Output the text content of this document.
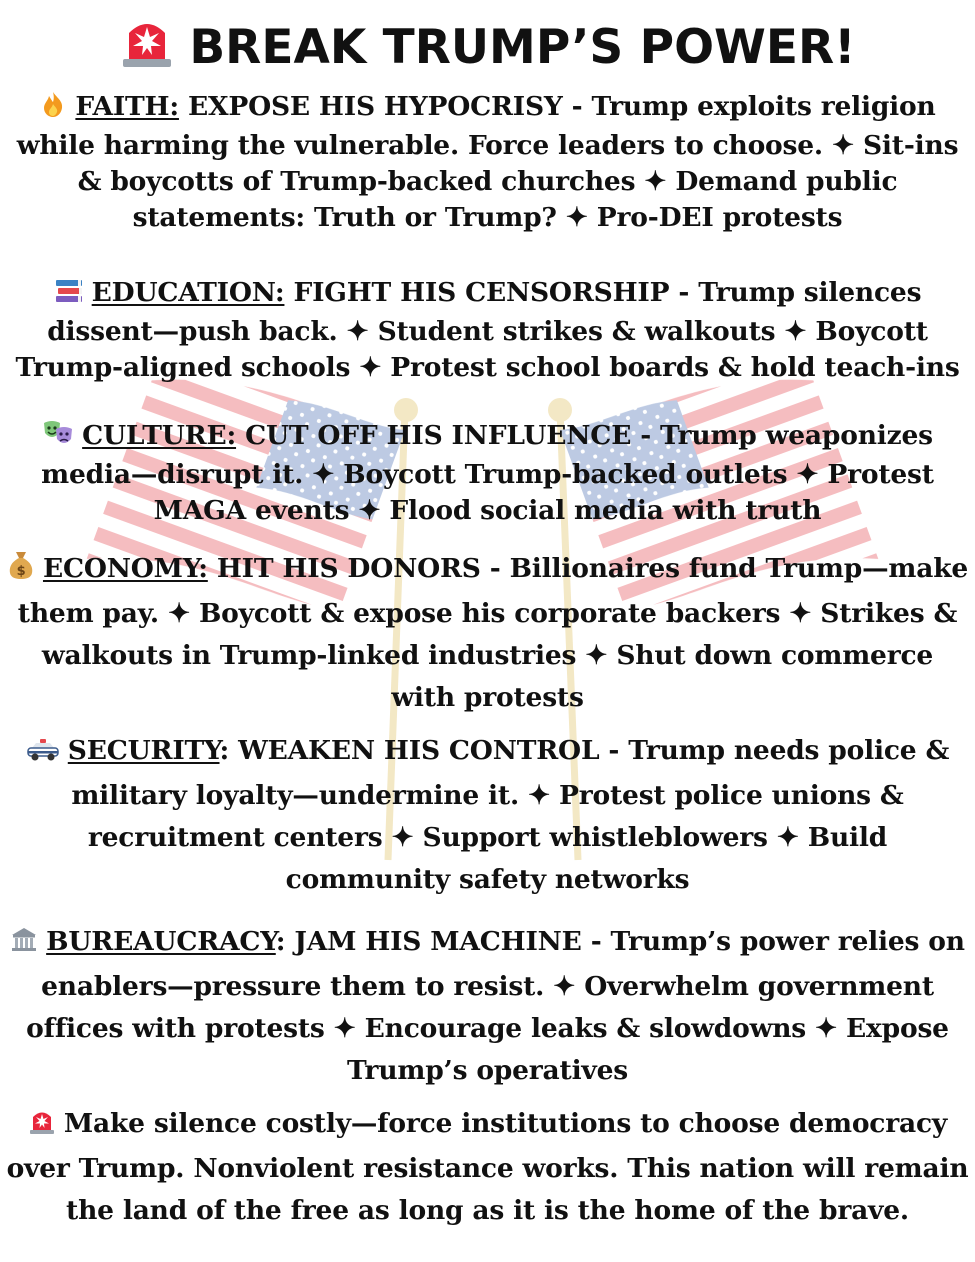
BREAK TRUMP’S POWER!
FAITH: EXPOSE HIS HYPOCRISY - Trump exploits religion while harming the vulnerable. Force leaders to choose. ✦ Sit-ins & boycotts of Trump-backed churches ✦ Demand public statements: Truth or Trump? ✦ Pro-DEI protests
EDUCATION: FIGHT HIS CENSORSHIP - Trump silences dissent—push back. ✦ Student strikes & walkouts ✦ Boycott Trump-aligned schools ✦ Protest school boards & hold teach-ins
CULTURE: CUT OFF HIS INFLUENCE - Trump weaponizes media—disrupt it. ✦ Boycott Trump-backed outlets ✦ Protest MAGA events ✦ Flood social media with truth
$ ECONOMY: HIT HIS DONORS - Billionaires fund Trump—make them pay. ✦ Boycott & expose his corporate backers ✦ Strikes & walkouts in Trump-linked industries ✦ Shut down commerce with protests
SECURITY: WEAKEN HIS CONTROL - Trump needs police & military loyalty—undermine it. ✦ Protest police unions & recruitment centers ✦ Support whistleblowers ✦ Build community safety networks
BUREAUCRACY: JAM HIS MACHINE - Trump’s power relies on enablers—pressure them to resist. ✦ Overwhelm government offices with protests ✦ Encourage leaks & slowdowns ✦ Expose Trump’s operatives
Make silence costly—force institutions to choose democracy over Trump. Nonviolent resistance works. This nation will remain the land of the free as long as it is the home of the brave.
